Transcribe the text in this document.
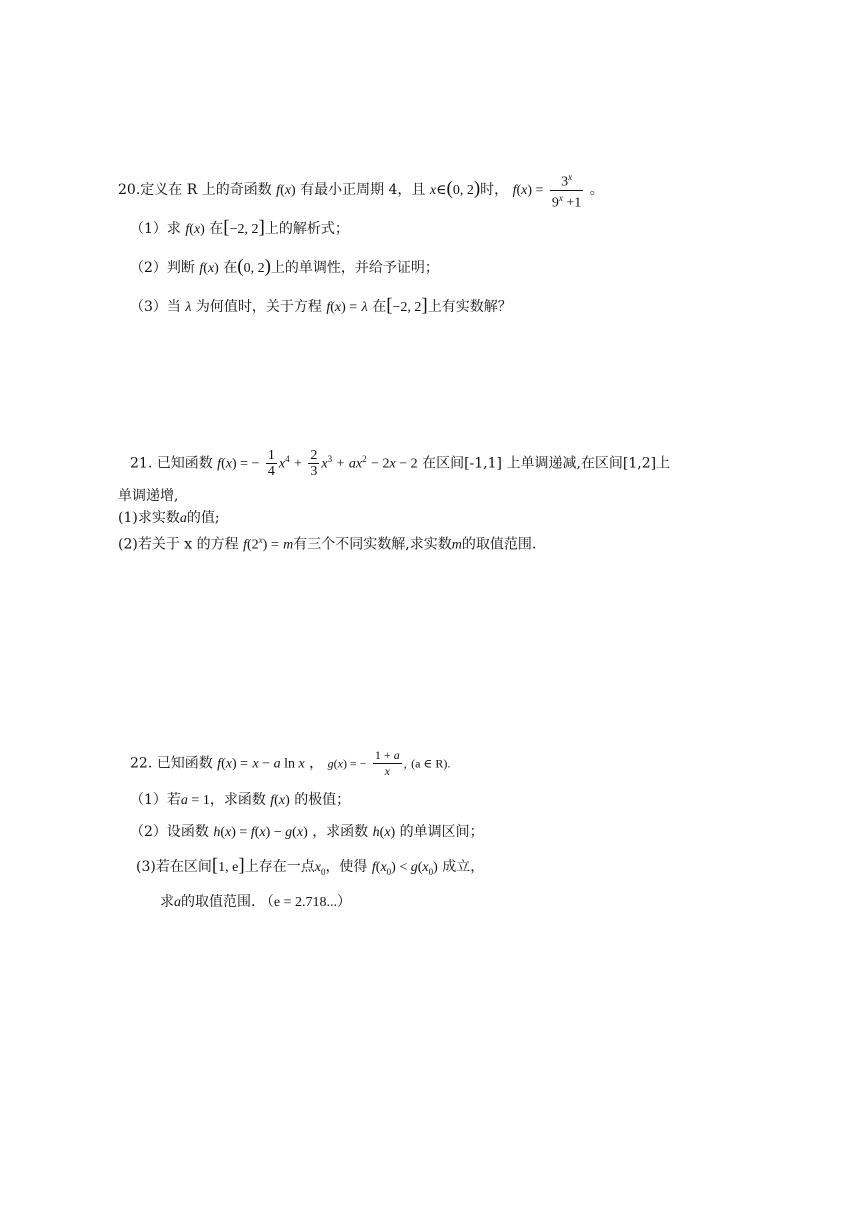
20.定义在 R 上的奇函数 f(x) 有最小正周期 4，且 x∈(0, 2)时， $f(x) = \frac{3^x}{9^x +1}$ 。
（1）求 f(x) 在[−2, 2]上的解析式；
（2）判断 f(x) 在(0, 2)上的单调性，并给予证明；
（3）当 λ 为何值时，关于方程 f(x) = λ 在[−2, 2]上有实数解？
21. 已知函数 f(x) = − $\frac{1}{4} x^4 + \frac{2}{3} x^3 + ax^2 - 2x - 2$ 在区间[-1,1] 上单调递减,在区间[1,2]上
单调递增,
(1)求实数a的值;
(2)若关于 x 的方程 $f(2^x) = m$有三个不同实数解,求实数m的取值范围.
22. 已知函数 f(x) = x − a ln x ， g(x) = − $\frac{1 + a}{x}$ , (a ∈ R).
（1）若a = 1，求函数 f(x) 的极值；
（2）设函数 h(x) = f(x) − g(x) ，求函数 h(x) 的单调区间；
(3)若在区间[1, e]上存在一点$x_0$，使得 $f(x_0) < g(x_0)$ 成立，
求a的取值范围. （e = 2.718...）
